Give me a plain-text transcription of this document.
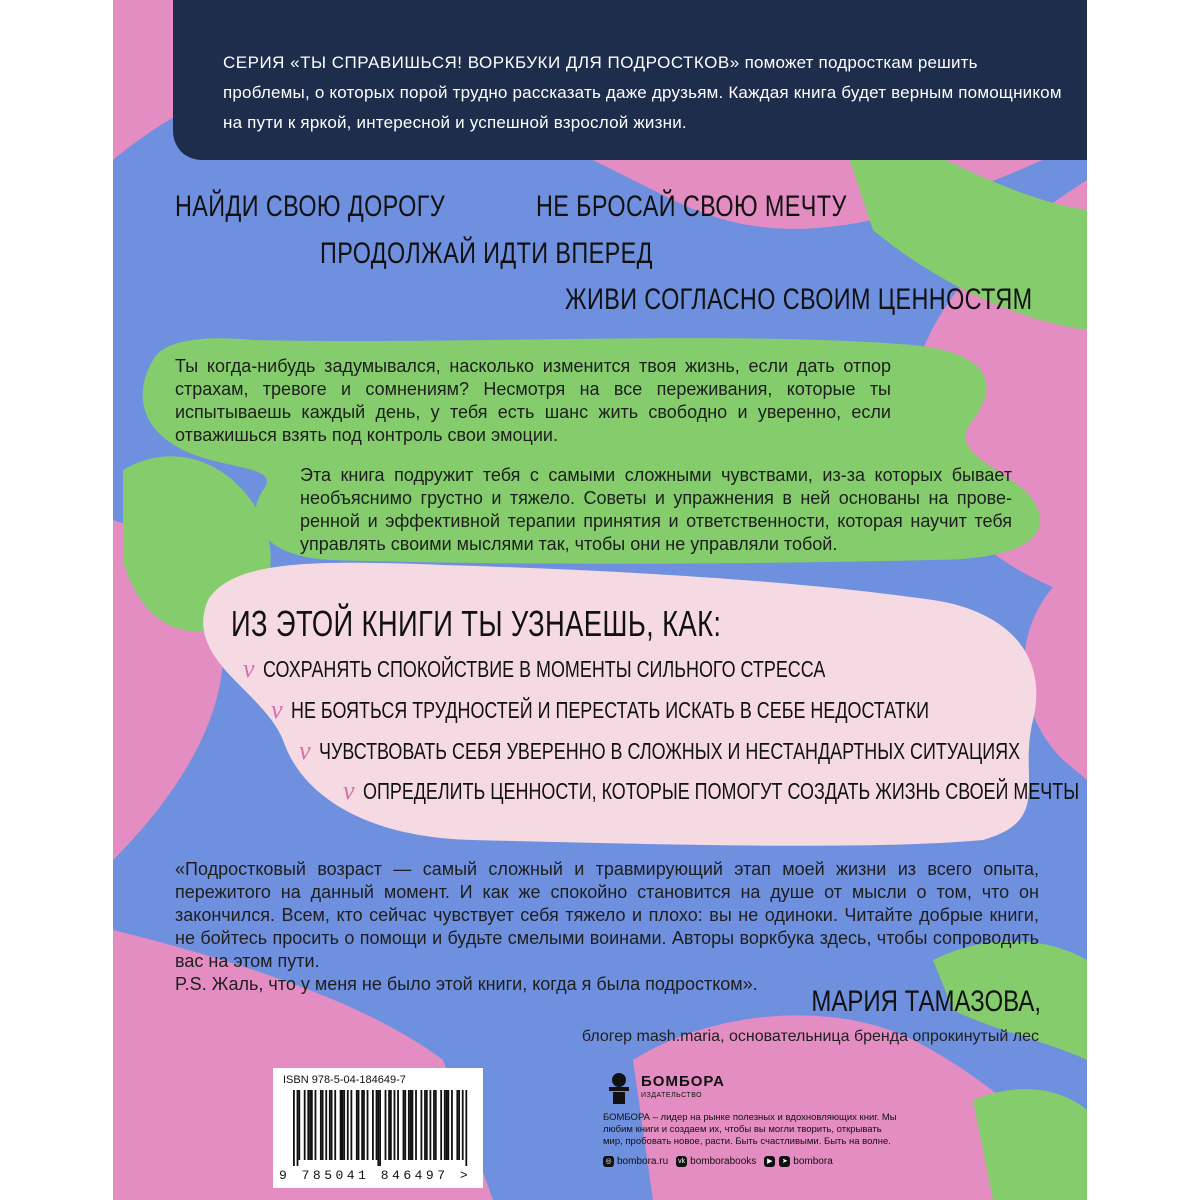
СЕРИЯ «ТЫ СПРАВИШЬСЯ! ВОРКБУКИ ДЛЯ ПОДРОСТКОВ» поможет подросткам решить проблемы, о которых порой трудно рассказать даже друзьям. Каждая книга будет верным помощником на пути к яркой, интересной и успешной взрослой жизни.
НАЙДИ СВОЮ ДОРОГУ	НЕ БРОСАЙ СВОЮ МЕЧТУ
ПРОДОЛЖАЙ ИДТИ ВПЕРЕД
ЖИВИ СОГЛАСНО СВОИМ ЦЕННОСТЯМ
Ты когда-нибудь задумывался, насколько изменится твоя жизнь, если дать отпор страхам, тревоге и сомнениям? Несмотря на все переживания, которые ты испытываешь каждый день, у тебя есть шанс жить свободно и уверенно, если отважишься взять под контроль свои эмоции.
Эта книга подружит тебя с самыми сложными чувствами, из-за которых бывает необъяснимо грустно и тяжело. Советы и упражнения в ней основаны на прове- ренной и эффективной терапии принятия и ответственности, которая научит тебя управлять своими мыслями так, чтобы они не управляли тобой.
ИЗ ЭТОЙ КНИГИ ТЫ УЗНАЕШЬ, КАК:
v СОХРАНЯТЬ СПОКОЙСТВИЕ В МОМЕНТЫ СИЛЬНОГО СТРЕССА
v НЕ БОЯТЬСЯ ТРУДНОСТЕЙ И ПЕРЕСТАТЬ ИСКАТЬ В СЕБЕ НЕДОСТАТКИ
v ЧУВСТВОВАТЬ СЕБЯ УВЕРЕННО В СЛОЖНЫХ И НЕСТАНДАРТНЫХ СИТУАЦИЯХ
v ОПРЕДЕЛИТЬ ЦЕННОСТИ, КОТОРЫЕ ПОМОГУТ СОЗДАТЬ ЖИЗНЬ СВОЕЙ МЕЧТЫ
«Подростковый возраст — самый сложный и травмирующий этап моей жизни из всего опыта, пережитого на данный момент. И как же спокойно становится на душе от мысли о том, что он закончился. Всем, кто сейчас чувствует себя тяжело и плохо: вы не одиноки. Читайте добрые книги, не бойтесь просить о помощи и будьте смелыми воинами. Авторы воркбука здесь, чтобы сопроводить вас на этом пути.
P.S. Жаль, что у меня не было этой книги, когда я была подростком».
МАРИЯ ТАМАЗОВА,
блогер mash.maria, основательница бренда опрокинутый лес
ISBN 978-5-04-184649-7
9 785041 846497 >
БОМБОРА
ИЗДАТЕЛЬСТВО
БОМБОРА – лидер на рынке полезных и вдохновляющих книг. Мы любим книги и создаем их, чтобы вы могли творить, открывать мир, пробовать новое, расти. Быть счастливыми. Быть на волне.
◎ bombora.ru vk bomborabooks	▶	➤ bombora
